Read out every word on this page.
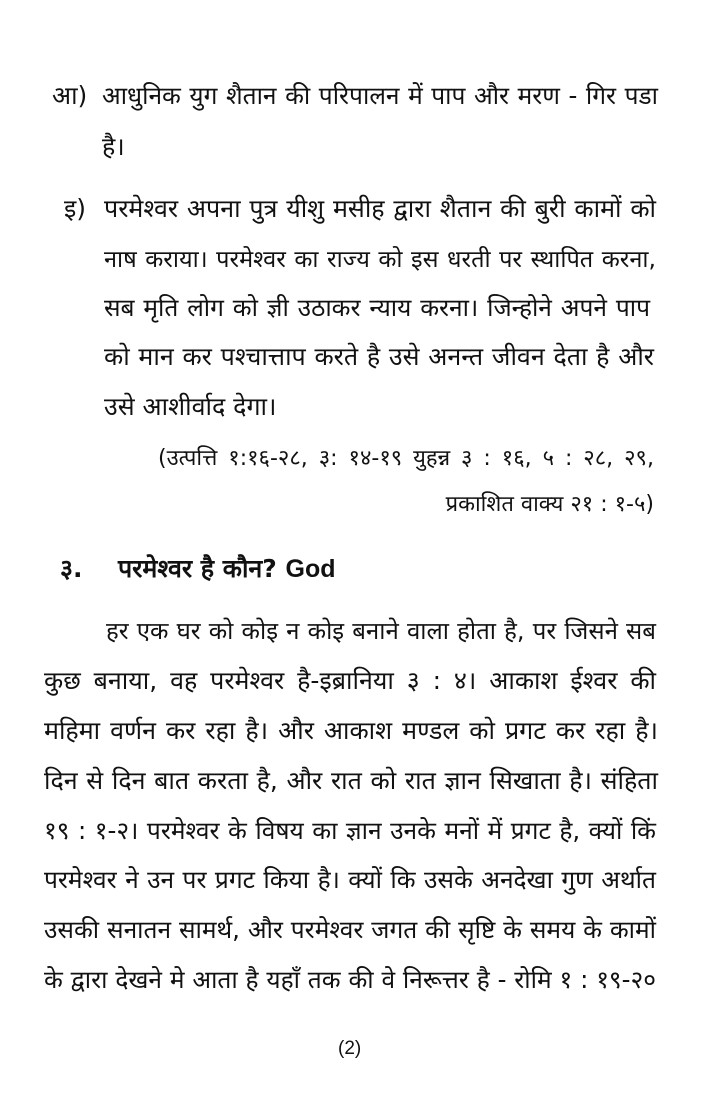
आ) आधुनिक युग शैतान की परिपालन में पाप और मरण - गिर पडा
है।
इ) परमेश्वर अपना पुत्र यीशु मसीह द्वारा शैतान की बुरी कामों को
नाष कराया। परमेश्वर का राज्य को इस धरती पर स्थापित करना,
सब मृति लोग को ज्ञी उठाकर न्याय करना। जिन्होने अपने पाप
को मान कर पश्चात्ताप करते है उसे अनन्त जीवन देता है और
उसे आशीर्वाद देगा।
(उत्पत्ति १:१६-२८, ३: १४-१९ युहन्न ३ : १६, ५ : २८, २९,
प्रकाशित वाक्य २१ : १-५)
३. परमेश्वर है कौन? God
हर एक घर को कोइ न कोइ बनाने वाला होता है, पर जिसने सब
कुछ बनाया, वह परमेश्वर है-इब्रानिया ३ : ४। आकाश ईश्वर की
महिमा वर्णन कर रहा है। और आकाश मण्डल को प्रगट कर रहा है।
दिन से दिन बात करता है, और रात को रात ज्ञान सिखाता है। संहिता
१९ : १-२। परमेश्वर के विषय का ज्ञान उनके मनों में प्रगट है, क्यों किं
परमेश्वर ने उन पर प्रगट किया है। क्यों कि उसके अनदेखा गुण अर्थात
उसकी सनातन सामर्थ, और परमेश्वर जगत की सृष्टि के समय के कामों
के द्वारा देखने मे आता है यहाँ तक की वे निरूत्तर है - रोमि १ : १९-२०
(2)
